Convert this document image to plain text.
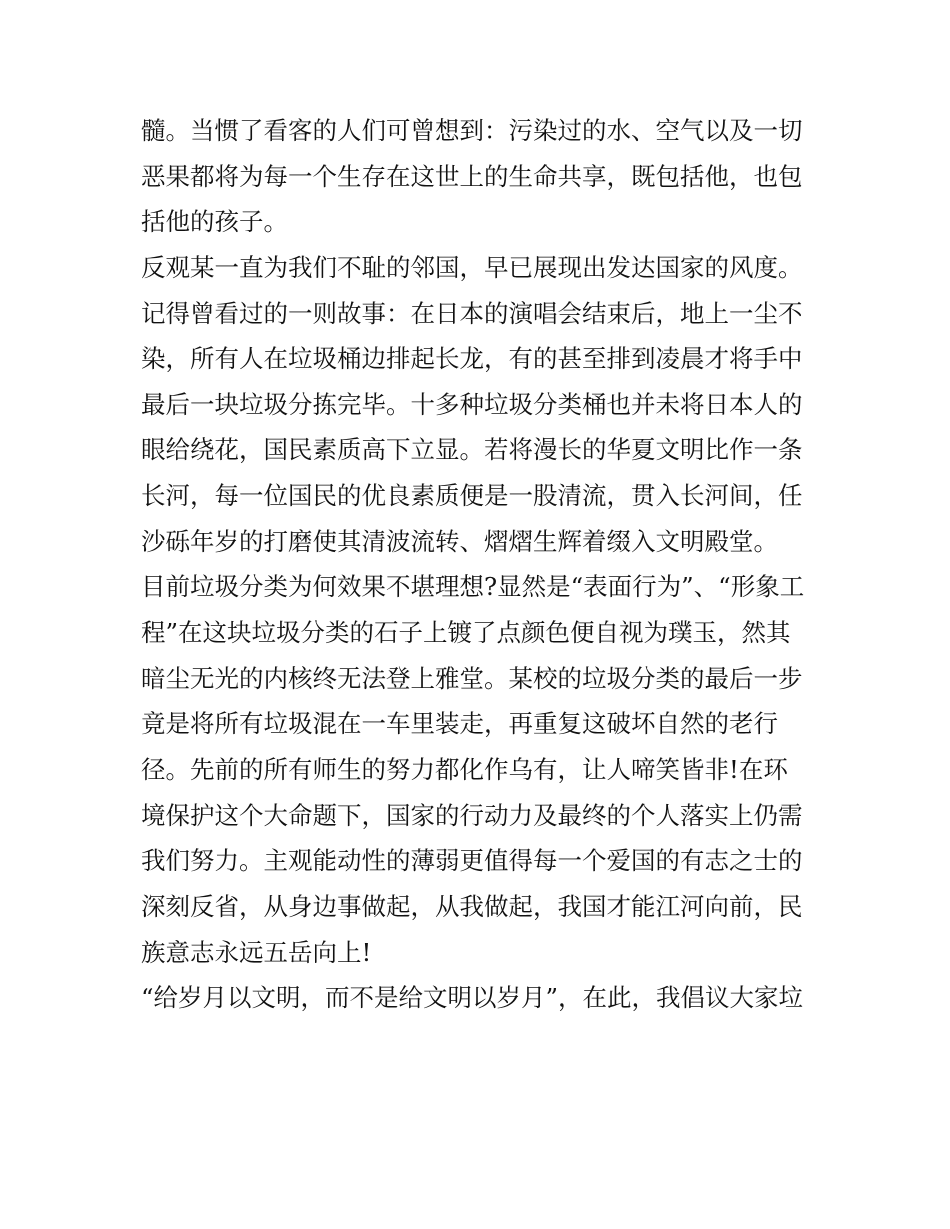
髓。当惯了看客的人们可曾想到：污染过的水、空气以及一切
恶果都将为每一个生存在这世上的生命共享，既包括他，也包
括他的孩子。
反观某一直为我们不耻的邻国，早已展现出发达国家的风度。
记得曾看过的一则故事：在日本的演唱会结束后，地上一尘不
染，所有人在垃圾桶边排起长龙，有的甚至排到凌晨才将手中
最后一块垃圾分拣完毕。十多种垃圾分类桶也并未将日本人的
眼给绕花，国民素质高下立显。若将漫长的华夏文明比作一条
长河，每一位国民的优良素质便是一股清流，贯入长河间，任
沙砾年岁的打磨使其清波流转、熠熠生辉着缀入文明殿堂。
目前垃圾分类为何效果不堪理想?显然是“表面行为”、“形象工
程”在这块垃圾分类的石子上镀了点颜色便自视为璞玉，然其
暗尘无光的内核终无法登上雅堂。某校的垃圾分类的最后一步
竟是将所有垃圾混在一车里装走，再重复这破坏自然的老行
径。先前的所有师生的努力都化作乌有，让人啼笑皆非!在环
境保护这个大命题下，国家的行动力及最终的个人落实上仍需
我们努力。主观能动性的薄弱更值得每一个爱国的有志之士的
深刻反省，从身边事做起，从我做起，我国才能江河向前，民
族意志永远五岳向上!
“给岁月以文明，而不是给文明以岁月”，在此，我倡议大家垃
